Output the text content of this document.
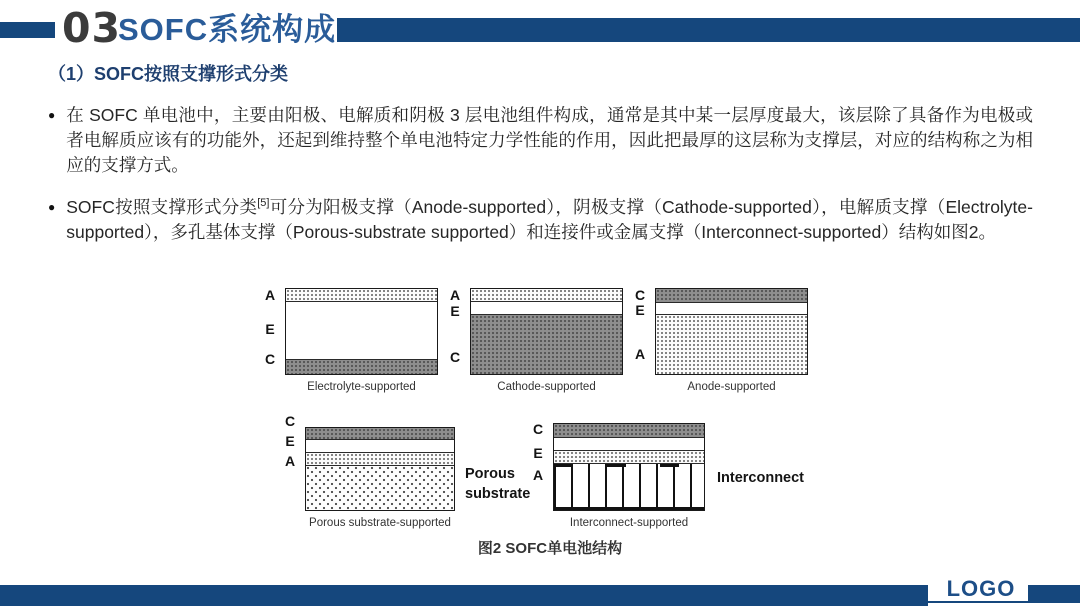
03
SOFC系统构成
（1）SOFC按照支撑形式分类
● 在 SOFC 单电池中，主要由阳极、电解质和阴极 3 层电池组件构成，通常是其中某一层厚度最大，该层除了具备作为电极或者电解质应该有的功能外，还起到维持整个单电池特定力学性能的作用，因此把最厚的这层称为支撑层，对应的结构称之为相应的支撑方式。

● SOFC按照支撑形式分类[5]可分为阳极支撑（Anode-supported），阴极支撑（Cathode-supported），电解质支撑（Electrolyte-supported），多孔基体支撑（Porous-substrate supported）和连接件或金属支撑（Interconnect-supported）结构如图2。

A
E
C
Electrolyte-supported
A
E
C
Cathode-supported
C
E
A
Anode-supported
C
E
A
Porous substrate
Porous substrate-supported
C
E
A	Interconnect
Interconnect-supported
图2 SOFC单电池结构
LOGO
